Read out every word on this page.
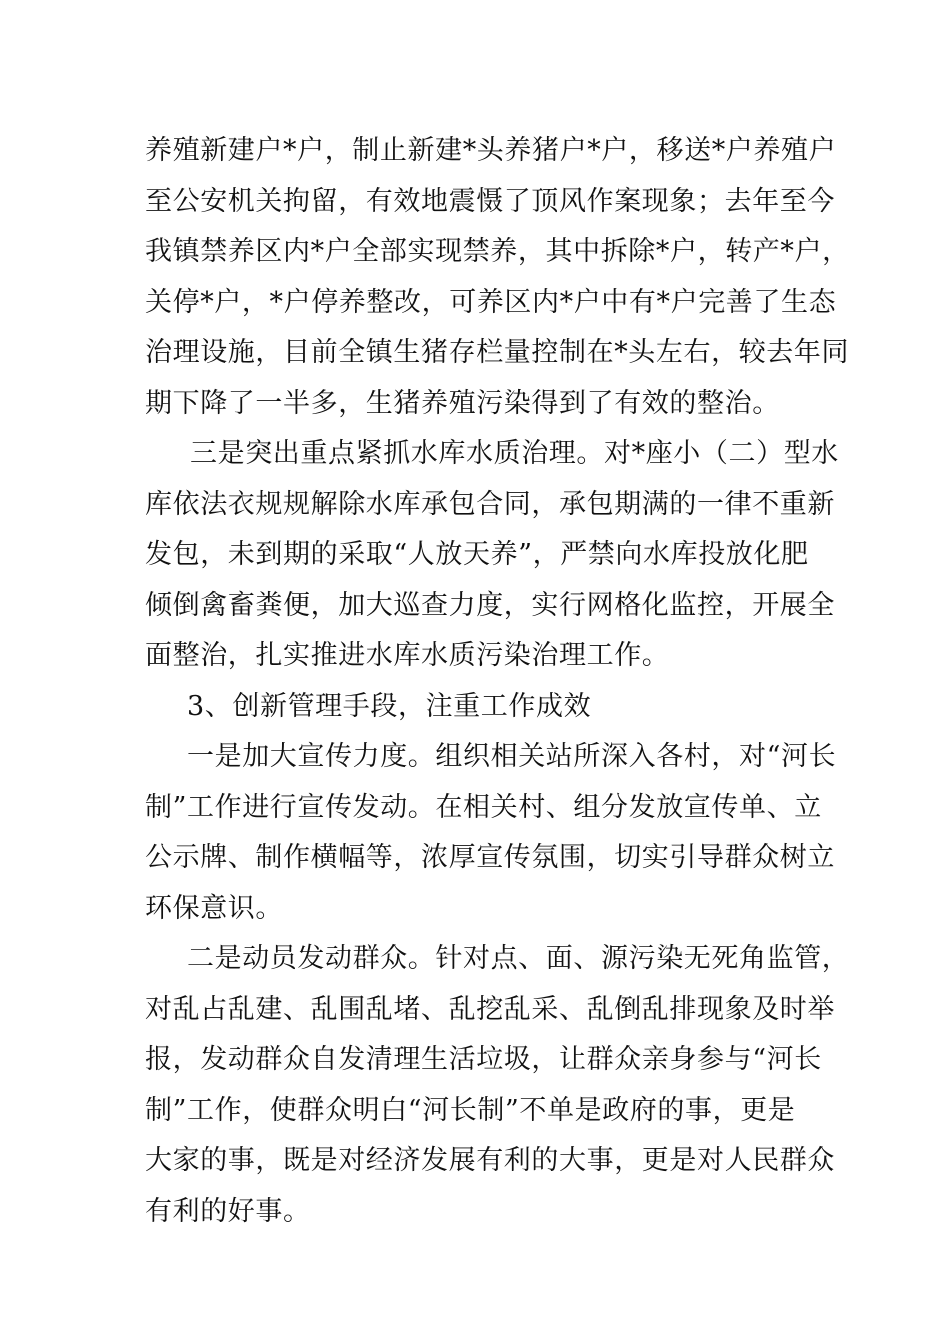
养殖新建户*户，制止新建*头养猪户*户，移送*户养殖户
至公安机关拘留，有效地震慑了顶风作案现象；去年至今
我镇禁养区内*户全部实现禁养，其中拆除*户，转产*户，
关停*户，*户停养整改，可养区内*户中有*户完善了生态
治理设施，目前全镇生猪存栏量控制在*头左右，较去年同
期下降了一半多，生猪养殖污染得到了有效的整治。

三是突出重点紧抓水库水质治理。对*座小（二）型水
库依法衣规规解除水库承包合同，承包期满的一律不重新
发包，未到期的采取“人放天养”，严禁向水库投放化肥
倾倒禽畜粪便，加大巡查力度，实行网格化监控，开展全
面整治，扎实推进水库水质污染治理工作。

3、创新管理手段，注重工作成效

一是加大宣传力度。组织相关站所深入各村，对“河长
制”工作进行宣传发动。在相关村、组分发放宣传单、立
公示牌、制作横幅等，浓厚宣传氛围，切实引导群众树立
环保意识。

二是动员发动群众。针对点、面、源污染无死角监管，
对乱占乱建、乱围乱堵、乱挖乱采、乱倒乱排现象及时举
报，发动群众自发清理生活垃圾，让群众亲身参与“河长
制”工作，使群众明白“河长制”不单是政府的事，更是
大家的事，既是对经济发展有利的大事，更是对人民群众
有利的好事。
